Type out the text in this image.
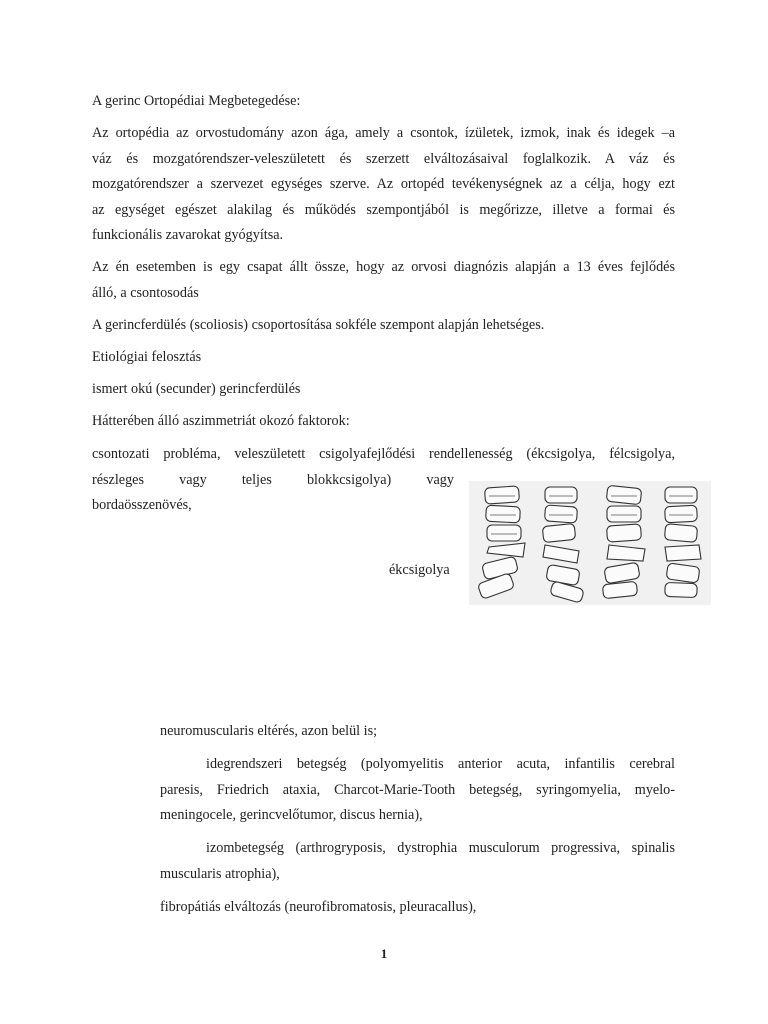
A gerinc Ortopédiai Megbetegedése:

Az ortopédia az orvostudomány azon ága, amely a csontok, ízületek, izmok, inak és idegek –a

váz és mozgatórendszer-veleszületett és szerzett elváltozásaival foglalkozik. A váz és

mozgatórendszer a szervezet egységes szerve. Az ortopéd tevékenységnek az a célja, hogy ezt

az egységet egészet alakilag és működés szempontjából is megőrizze, illetve a formai és

funkcionális zavarokat gyógyítsa.

Az én esetemben is egy csapat állt össze, hogy az orvosi diagnózis alapján a 13 éves fejlődés

álló, a csontosodás

A gerincferdülés (scoliosis) csoportosítása sokféle szempont alapján lehetséges.

Etiológiai felosztás

ismert okú (secunder) gerincferdülés

Hátterében álló aszimmetriát okozó faktorok:

csontozati probléma, veleszületett csigolyafejlődési rendellenesség (ékcsigolya, félcsigolya,

részleges vagy teljes blokkcsigolya) vagy

bordaösszenövés,

ékcsigolya

neuromuscularis eltérés, azon belül is;

idegrendszeri betegség (polyomyelitis anterior acuta, infantilis cerebral

paresis, Friedrich ataxia, Charcot-Marie-Tooth betegség, syringomyelia, myelo-

meningocele, gerincvelőtumor, discus hernia),

izombetegség (arthrogryposis, dystrophia musculorum progressiva, spinalis

muscularis atrophia),

fibropátiás elváltozás (neurofibromatosis, pleuracallus),

1
